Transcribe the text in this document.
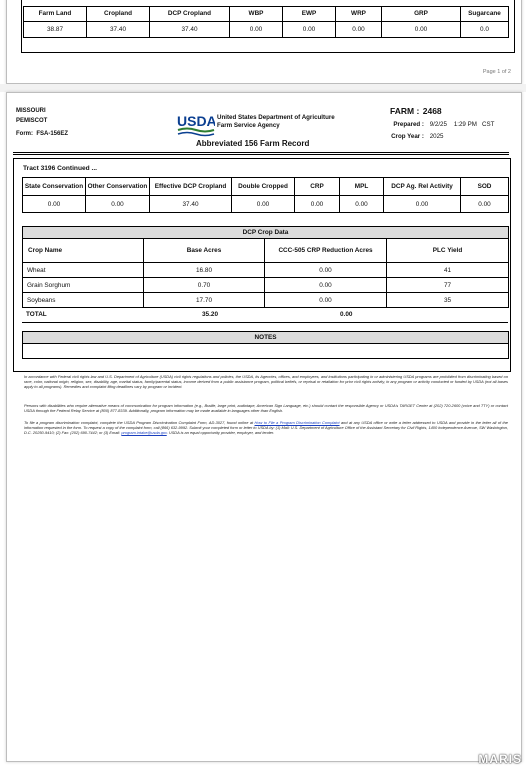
Page 1 of 2
Farm Land	Cropland	DCP Cropland	WBP	EWP	WRP	GRP	Sugarcane
38.87	37.40	37.40	0.00	0.00	0.00	0.00	0.0
MISSOURI
PEMISCOT
Form: FSA-156EZ
USDA United States Department of Agriculture
Farm Service Agency
Abbreviated 156 Farm Record
FARM : 2468
Prepared : 9/2/25 1:29 PM CST
Crop Year : 2025
Tract 3196 Continued ...
State Conservation	Other Conservation	Effective DCP Cropland	Double Cropped	CRP	MPL	DCP Ag. Rel Activity	SOD
0.00	0.00	37.40	0.00	0.00	0.00	0.00	0.00
DCP Crop Data
Crop Name	Base Acres	CCC-505 CRP Reduction Acres	PLC Yield
Wheat	16.80	0.00	41
Grain Sorghum	0.70	0.00	77
Soybeans	17.70	0.00	35
TOTAL	35.20	0.00
NOTES
In accordance with Federal civil rights law and U.S. Department of Agriculture (USDA) civil rights regulations and policies, the USDA, its Agencies, offices, and employees, and institutions participating in or administering USDA programs are prohibited from discriminating based on race, color, national origin, religion, sex, disability, age, marital status, family/parental status, income derived from a public assistance program, political beliefs, or reprisal or retaliation for prior civil rights activity, in any program or activity conducted or funded by USDA (not all bases apply to all programs). Remedies and complaint filing deadlines vary by program or incident.
Persons with disabilities who require alternative means of communication for program information (e.g., Braille, large print, audiotape, American Sign Language, etc.) should contact the responsible Agency or USDA's TARGET Center at (202) 720-2600 (voice and TTY) or contact USDA through the Federal Relay Service at (800) 877-8339. Additionally, program information may be made available in languages other than English.
To file a program discrimination complaint, complete the USDA Program Discrimination Complaint Form, AD-3027, found online at How to File a Program Discrimination Complaint and at any USDA office or write a letter addressed to USDA and provide in the letter all of the information requested in the form. To request a copy of the complaint form, call (866) 632-9992. Submit your completed form or letter to USDA by: (1) Mail: U.S. Department of Agriculture Office of the Assistant Secretary for Civil Rights, 1400 Independence Avenue, SW Washington, D.C. 20250-9410; (2) Fax: (202) 690-7442; or (3) Email: program.intake@usda.gov. USDA is an equal opportunity provider, employer, and lender.
MARIS
